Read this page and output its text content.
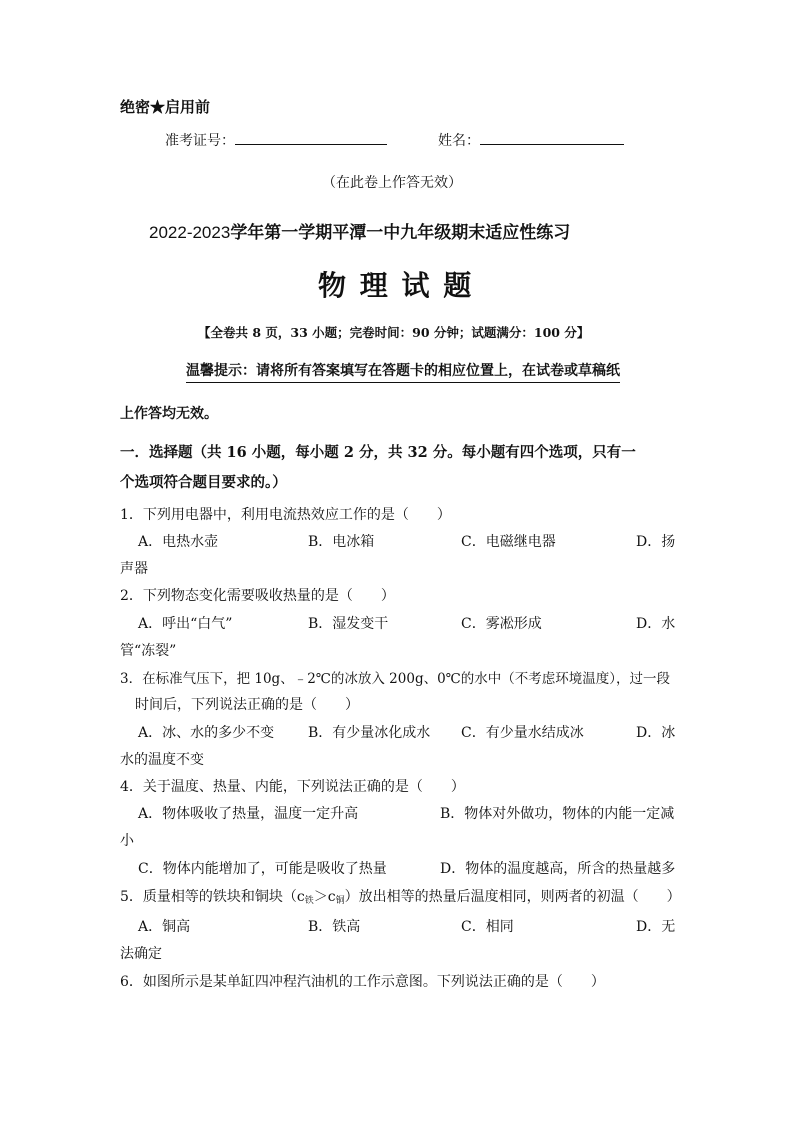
绝密★启用前
准考证号：	姓名：
（在此卷上作答无效）
2022-2023学年第一学期平潭一中九年级期末适应性练习
物 理 试 题
【全卷共 8 页，33 小题；完卷时间：90 分钟；试题满分：100 分】
温馨提示：请将所有答案填写在答题卡的相应位置上，在试卷或草稿纸
上作答均无效。
一．选择题（共 16 小题，每小题 2 分，共 32 分。每小题有四个选项，只有一
个选项符合题目要求的。）
1．下列用电器中，利用电流热效应工作的是（　　）
A．电热水壶	B．电冰箱	C．电磁继电器	D．扬
声器
2．下列物态变化需要吸收热量的是（　　）
A．呼出“白气”	B．湿发变干	C．雾凇形成	D．水
管“冻裂”
3．在标准气压下，把 10g、﹣2℃的冰放入 200g、0℃的水中（不考虑环境温度），过一段
时间后，下列说法正确的是（　　）
A．冰、水的多少不变 B．有少量冰化成水 C．有少量水结成冰	D．冰
水的温度不变
4．关于温度、热量、内能，下列说法正确的是（　　）
A．物体吸收了热量，温度一定升高	B．物体对外做功，物体的内能一定减
小
C．物体内能增加了，可能是吸收了热量	D．物体的温度越高，所含的热量越多
5．质量相等的铁块和铜块$(c_铁>c_铜)$放出相等的热量后温度相同，则两者的初温（　　）
A．铜高	B．铁高	C．相同	D．无
法确定
6．如图所示是某单缸四冲程汽油机的工作示意图。下列说法正确的是（　　）
